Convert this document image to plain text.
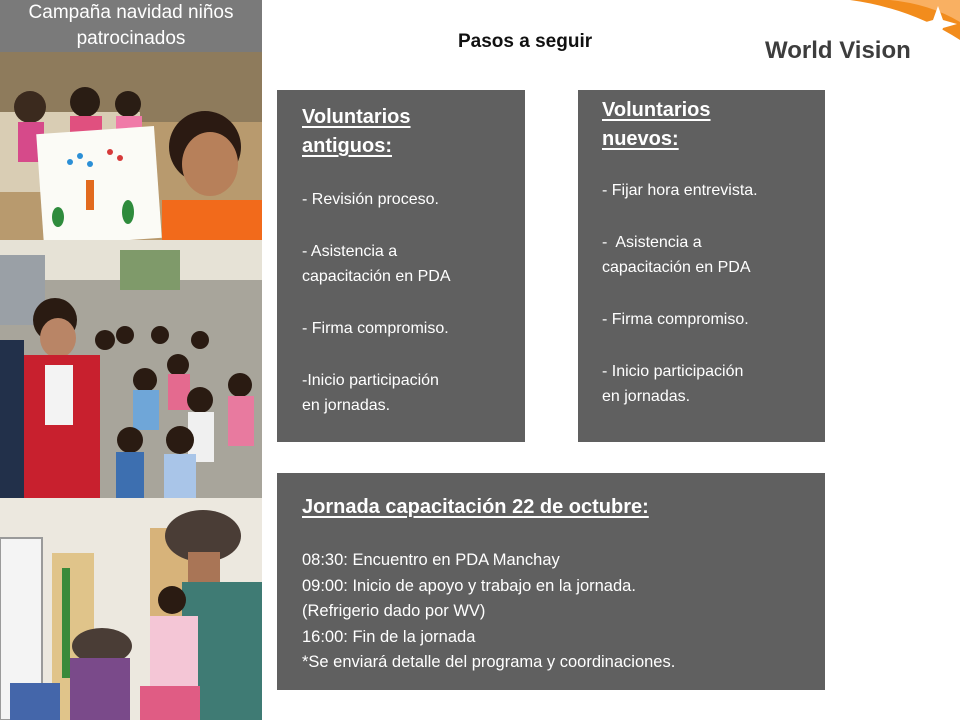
Campaña navidad niños
patrocinados	Pasos a seguir	World Vision
Voluntarios
antiguos:
- Revisión proceso.
- Asistencia a
capacitación en PDA
- Firma compromiso.
-Inicio participación
en jornadas.
Voluntarios
nuevos:
- Fijar hora entrevista.
-  Asistencia a
capacitación en PDA
- Firma compromiso.
- Inicio participación
en jornadas.
Jornada capacitación 22 de octubre:
08:30: Encuentro en PDA Manchay
09:00: Inicio de apoyo y trabajo en la jornada.
(Refrigerio dado por WV)
16:00: Fin de la jornada
*Se enviará detalle del programa y coordinaciones.
